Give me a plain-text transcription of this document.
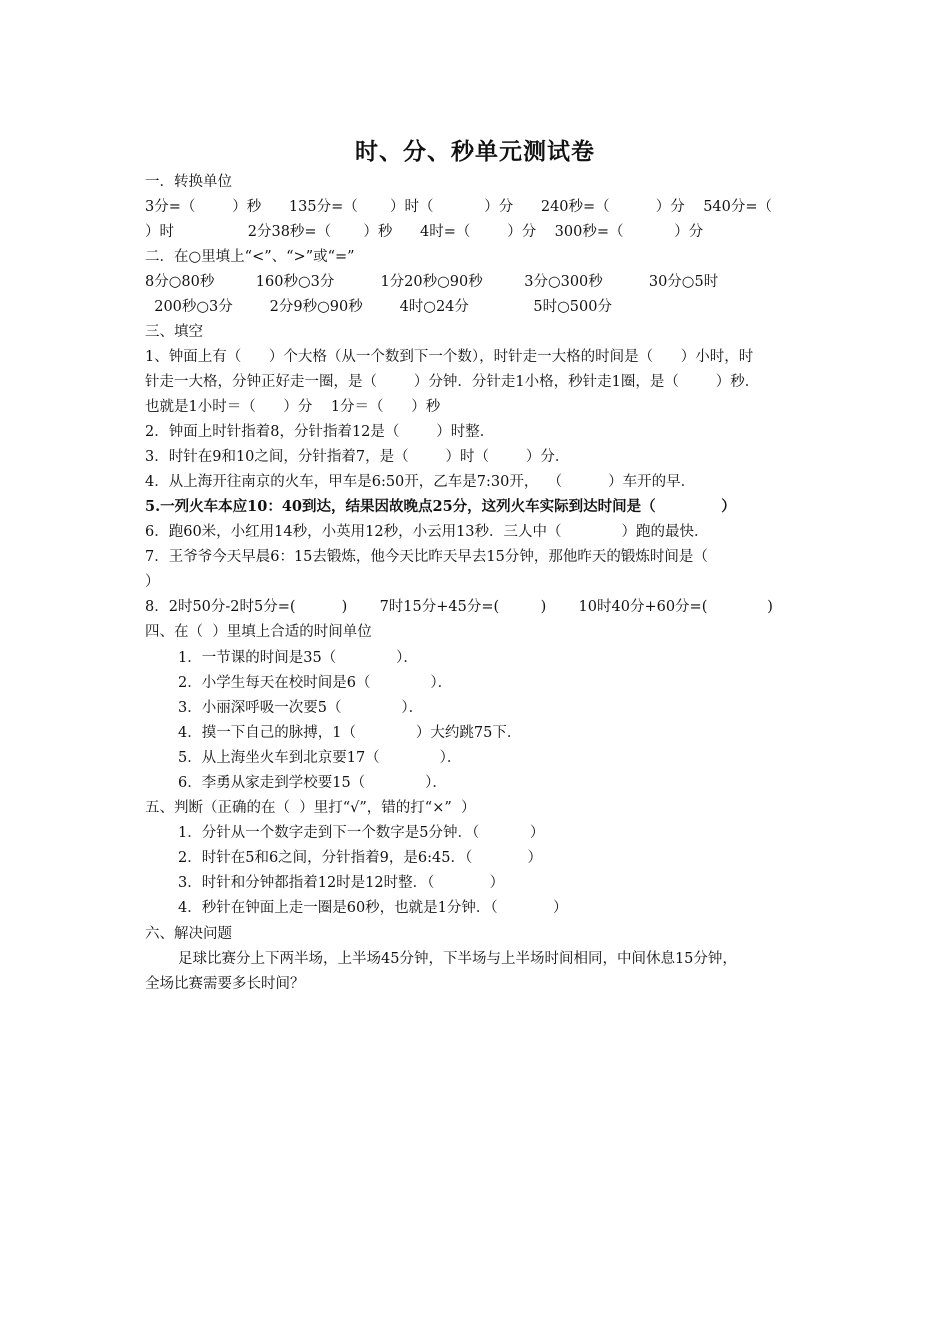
时、分、秒单元测试卷
一．转换单位
3分=（        ）秒      135分=（       ）时（           ）分      240秒=（          ）分    540分=（
）时                2分38秒=（       ）秒      4时=（        ）分    300秒=（           ）分
二．在○里填上“<”、“>”或“=”
8分○80秒         160秒○3分          1分20秒○90秒         3分○300秒          30分○5时
200秒○3分        2分9秒○90秒        4时○24分              5时○500分
三、填空
1、钟面上有（      ）个大格（从一个数到下一个数），时针走一大格的时间是（      ）小时，时
针走一大格，分钟正好走一圈，是（        ）分钟．分针走1小格，秒针走1圈，是（        ）秒．
也就是1小时＝（      ）分    1分＝（      ）秒
2．钟面上时针指着8，分针指着12是（        ）时整．
3．时针在9和10之间，分针指着7，是（        ）时（        ）分．
4．从上海开往南京的火车，甲车是6:50开，乙车是7:30开，  （          ）车开的早．
5.一列火车本应10：40到达，结果因故晚点25分，这列火车实际到达时间是（             ）
6．跑60米，小红用14秒，小英用12秒，小云用13秒．三人中（             ）跑的最快．
7．王爷爷今天早晨6：15去锻炼，他今天比昨天早去15分钟，那他昨天的锻炼时间是（
）
8．2时50分-2时5分=(          )       7时15分+45分=(         )       10时40分+60分=(             )
四、在（  ）里填上合适的时间单位
1．一节课的时间是35（             ）．
2．小学生每天在校时间是6（             ）．
3．小丽深呼吸一次要5（             ）．
4．摸一下自己的脉搏，1（             ）大约跳75下．
5．从上海坐火车到北京要17（             ）．
6．李勇从家走到学校要15（             ）．
五、判断（正确的在（  ）里打“√”，错的打“×”  ）
1．分针从一个数字走到下一个数字是5分钟．（           ）
2．时针在5和6之间，分针指着9，是6:45．（            ）
3．时针和分钟都指着12时是12时整．（            ）
4．秒针在钟面上走一圈是60秒，也就是1分钟．（            ）
六、解决问题
足球比赛分上下两半场，上半场45分钟，下半场与上半场时间相同，中间休息15分钟，
全场比赛需要多长时间？
